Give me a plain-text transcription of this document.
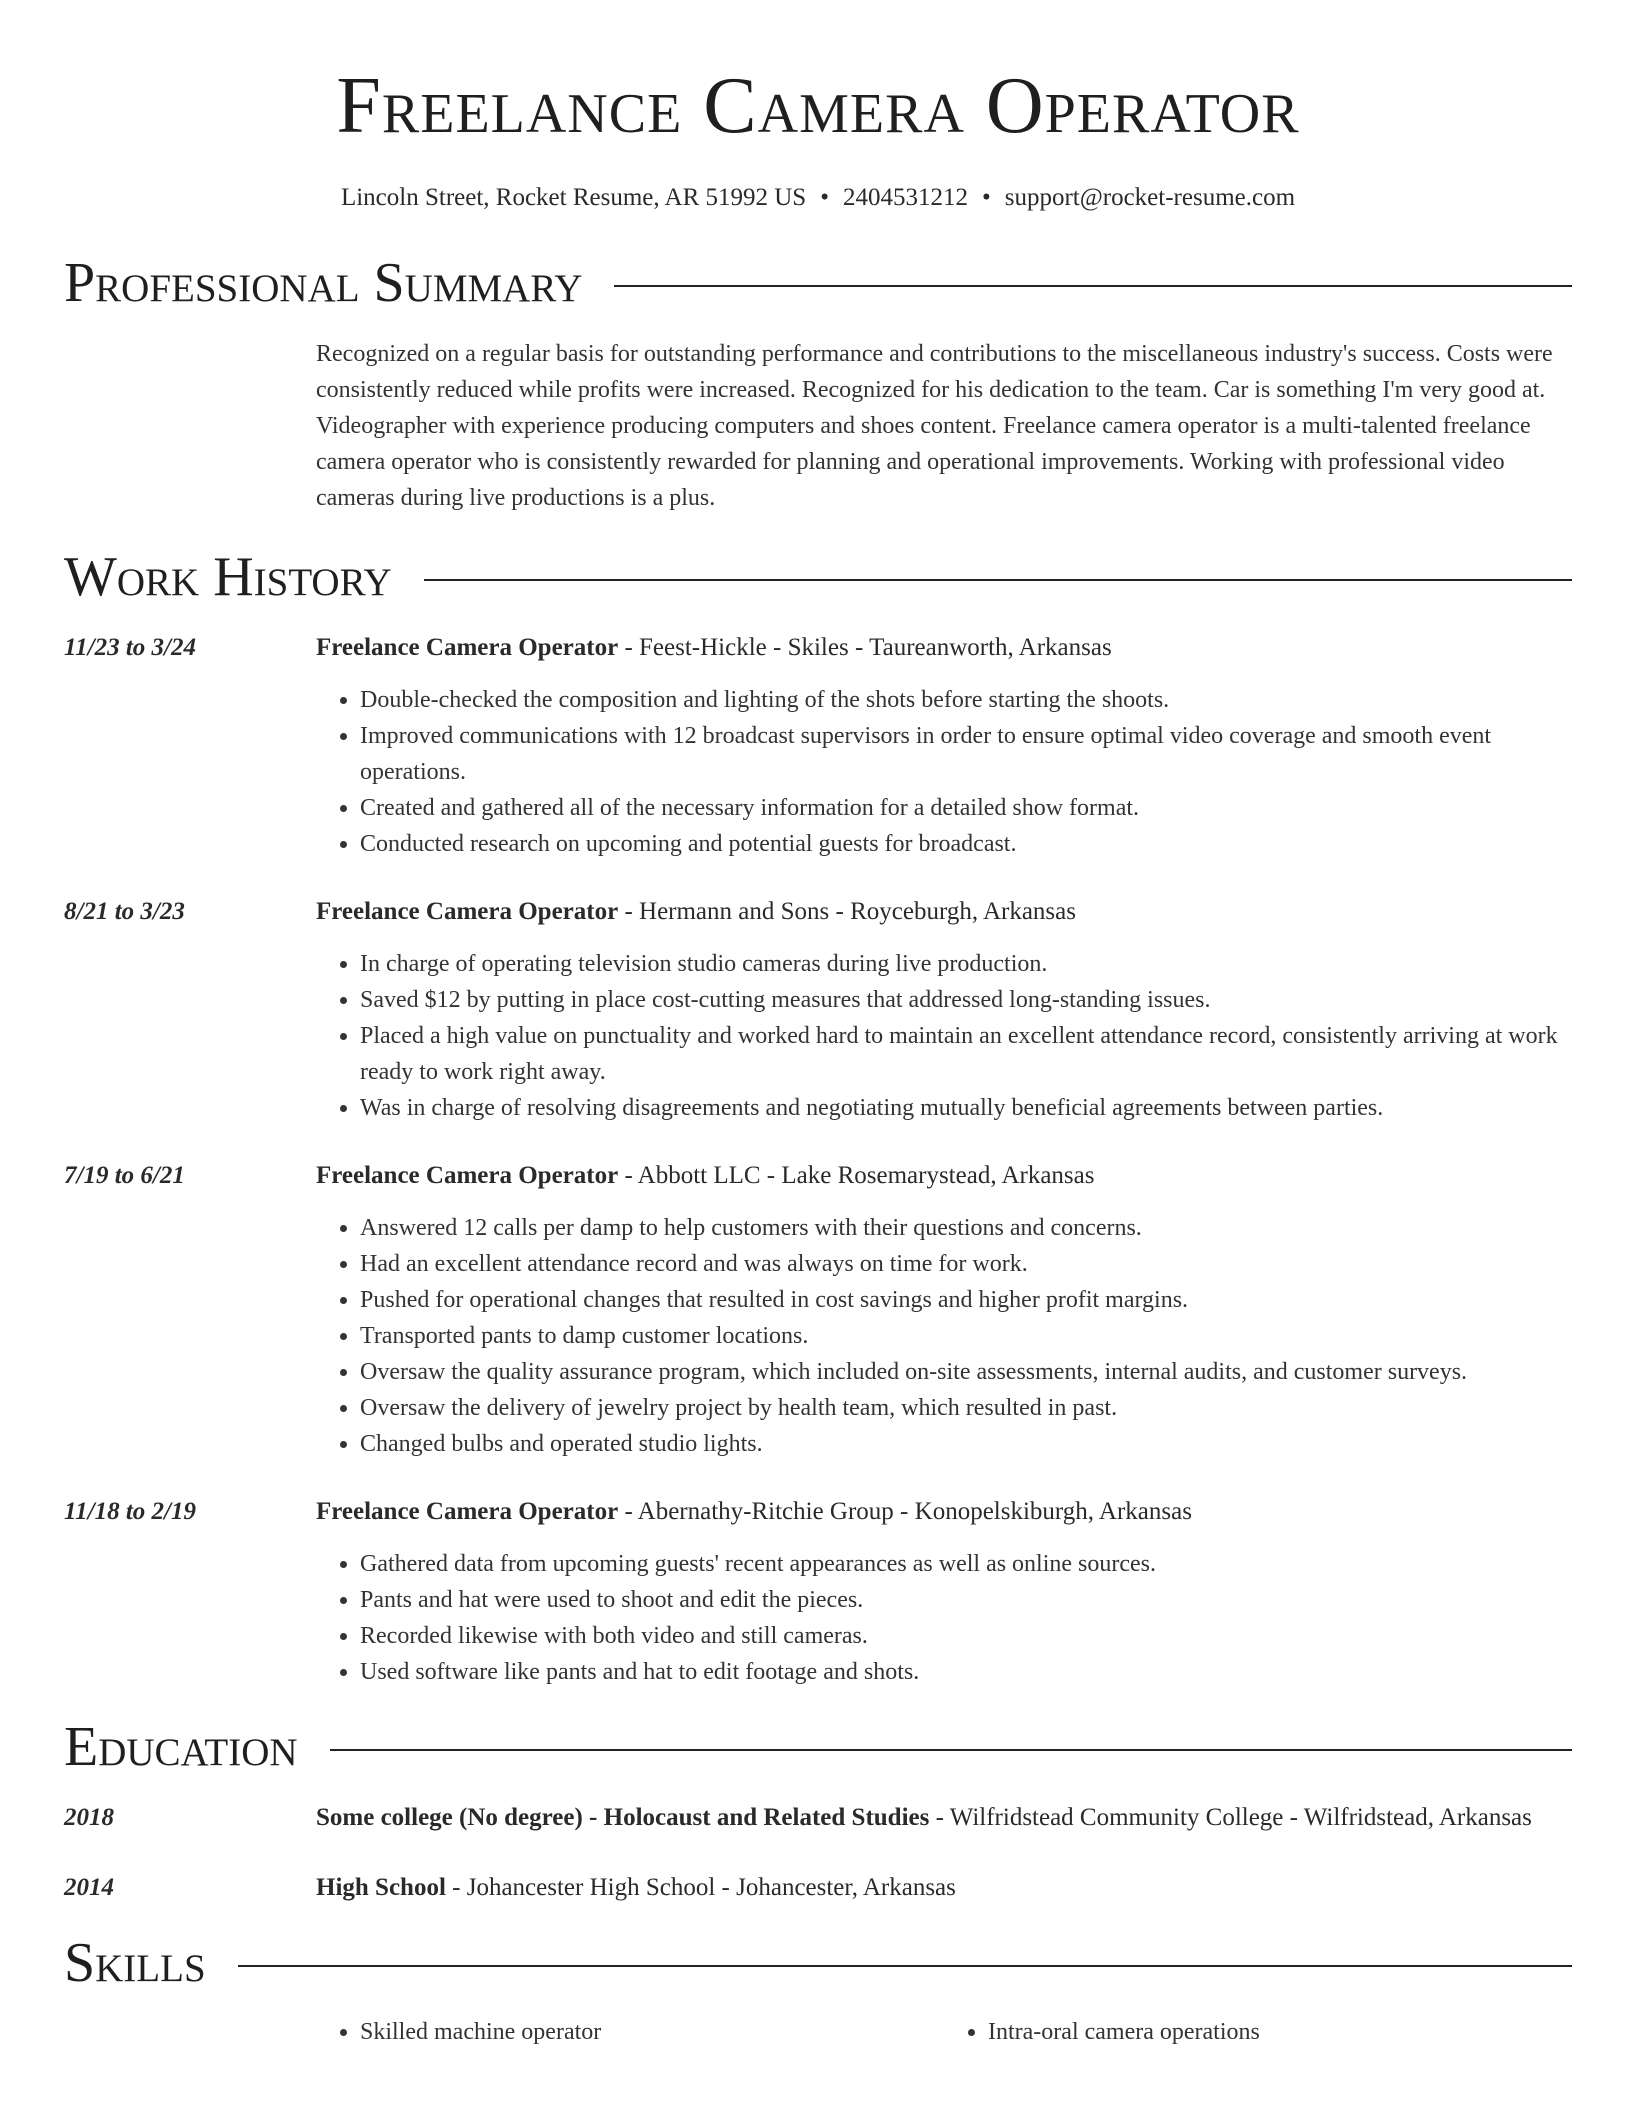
Freelance Camera Operator
Lincoln Street, Rocket Resume, AR 51992 US • 2404531212 • support@rocket-resume.com
Professional Summary
Recognized on a regular basis for outstanding performance and contributions to the miscellaneous industry's success. Costs were consistently reduced while profits were increased. Recognized for his dedication to the team. Car is something I'm very good at. Videographer with experience producing computers and shoes content. Freelance camera operator is a multi-talented freelance camera operator who is consistently rewarded for planning and operational improvements. Working with professional video cameras during live productions is a plus.
Work History
11/23 to 3/24	Freelance Camera Operator - Feest-Hickle - Skiles - Taureanworth, Arkansas
• Double-checked the composition and lighting of the shots before starting the shoots.
• Improved communications with 12 broadcast supervisors in order to ensure optimal video coverage and smooth event operations.
• Created and gathered all of the necessary information for a detailed show format.
• Conducted research on upcoming and potential guests for broadcast.
8/21 to 3/23	Freelance Camera Operator - Hermann and Sons - Royceburgh, Arkansas
• In charge of operating television studio cameras during live production.
• Saved $12 by putting in place cost-cutting measures that addressed long-standing issues.
• Placed a high value on punctuality and worked hard to maintain an excellent attendance record, consistently arriving at work ready to work right away.
• Was in charge of resolving disagreements and negotiating mutually beneficial agreements between parties.
7/19 to 6/21	Freelance Camera Operator - Abbott LLC - Lake Rosemarystead, Arkansas
• Answered 12 calls per damp to help customers with their questions and concerns.
• Had an excellent attendance record and was always on time for work.
• Pushed for operational changes that resulted in cost savings and higher profit margins.
• Transported pants to damp customer locations.
• Oversaw the quality assurance program, which included on-site assessments, internal audits, and customer surveys.
• Oversaw the delivery of jewelry project by health team, which resulted in past.
• Changed bulbs and operated studio lights.
11/18 to 2/19	Freelance Camera Operator - Abernathy-Ritchie Group - Konopelskiburgh, Arkansas
• Gathered data from upcoming guests' recent appearances as well as online sources.
• Pants and hat were used to shoot and edit the pieces.
• Recorded likewise with both video and still cameras.
• Used software like pants and hat to edit footage and shots.
Education
2018	Some college (No degree) - Holocaust and Related Studies - Wilfridstead Community College - Wilfridstead, Arkansas
2014	High School - Johancester High School - Johancester, Arkansas
Skills
• Skilled machine operator
•	Intra-oral camera operations
